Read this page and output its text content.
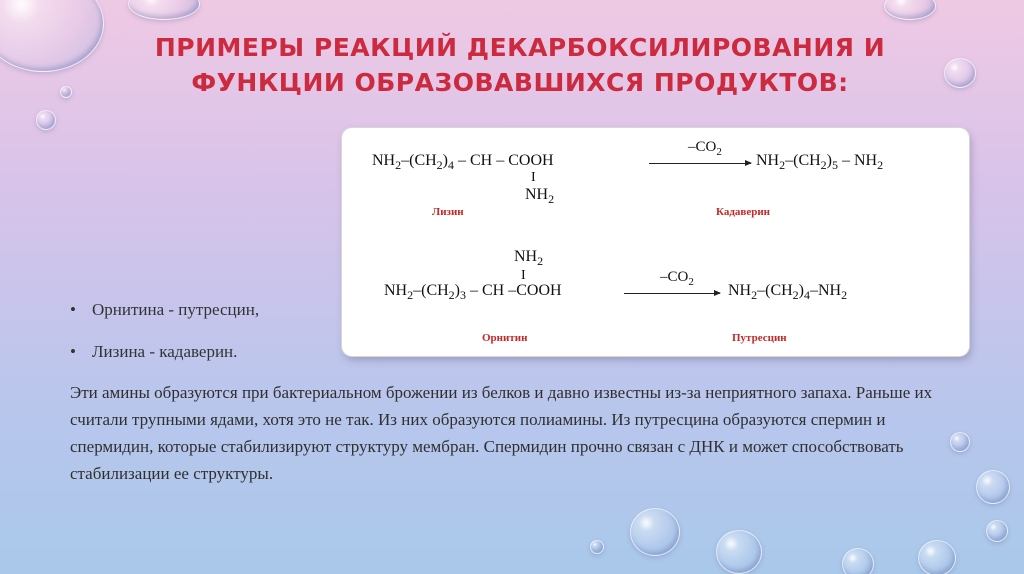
ПРИМЕРЫ РЕАКЦИЙ ДЕКАРБОКСИЛИРОВАНИЯ И
ФУНКЦИИ ОБРАЗОВАВШИХСЯ ПРОДУКТОВ:
$NH_2-(CH_2)_4$ – CH – COOH
I
$NH_2$
$-CO_2$ $NH_2-(CH_2)_5 - NH_2$
Лизин	Кадаверин
$NH_2$
I
$NH_2-(CH_2)_3$ – CH –COOH
$-CO_2$ $NH_2-(CH_2)_4-NH_2$
Орнитин	Путресцин
• Орнитина - путресцин,
• Лизина - кадаверин.
Эти амины образуются при бактериальном брожении из белков и давно известны из-за неприятного запаха. Раньше их считали трупными ядами, хотя это не так. Из них образуются полиамины. Из путресцина образуются спермин и спермидин, которые стабилизируют структуру мембран. Спермидин прочно связан с ДНК и может способствовать стабилизации ее структуры.
